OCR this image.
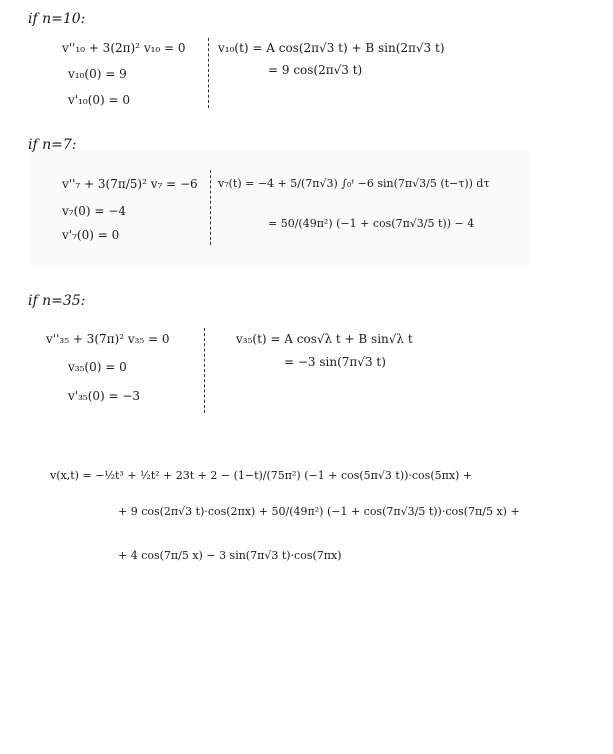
if n=10:
v''₁₀ + 3(2π)² v₁₀ = 0
v₁₀(0) = 9
v'₁₀(0) = 0
v₁₀(t) = A cos(2π√3 t) + B sin(2π√3 t)
= 9 cos(2π√3 t)
if n=7:
v''₇ + 3(7π/5)² v₇ = −6
v₇(0) = −4
v'₇(0) = 0
v₇(t) = −4 + 5/(7π√3) ∫₀ᵗ −6 sin(7π√3/5 (t−τ)) dτ
= 50/(49π²) (−1 + cos(7π√3/5 t)) − 4
if n=35:
v''₃₅ + 3(7π)² v₃₅ = 0
v₃₅(0) = 0
v'₃₅(0) = −3
v₃₅(t) = A cos√λ t + B sin√λ t
= −3 sin(7π√3 t)
v(x,t) = −½t³ + ½t² + 23t + 2 − (1−t)/(75π²) (−1 + cos(5π√3 t))·cos(5πx) +
+ 9 cos(2π√3 t)·cos(2πx) + 50/(49π²) (−1 + cos(7π√3/5 t))·cos(7π/5 x) +
+ 4 cos(7π/5 x) − 3 sin(7π√3 t)·cos(7πx)
